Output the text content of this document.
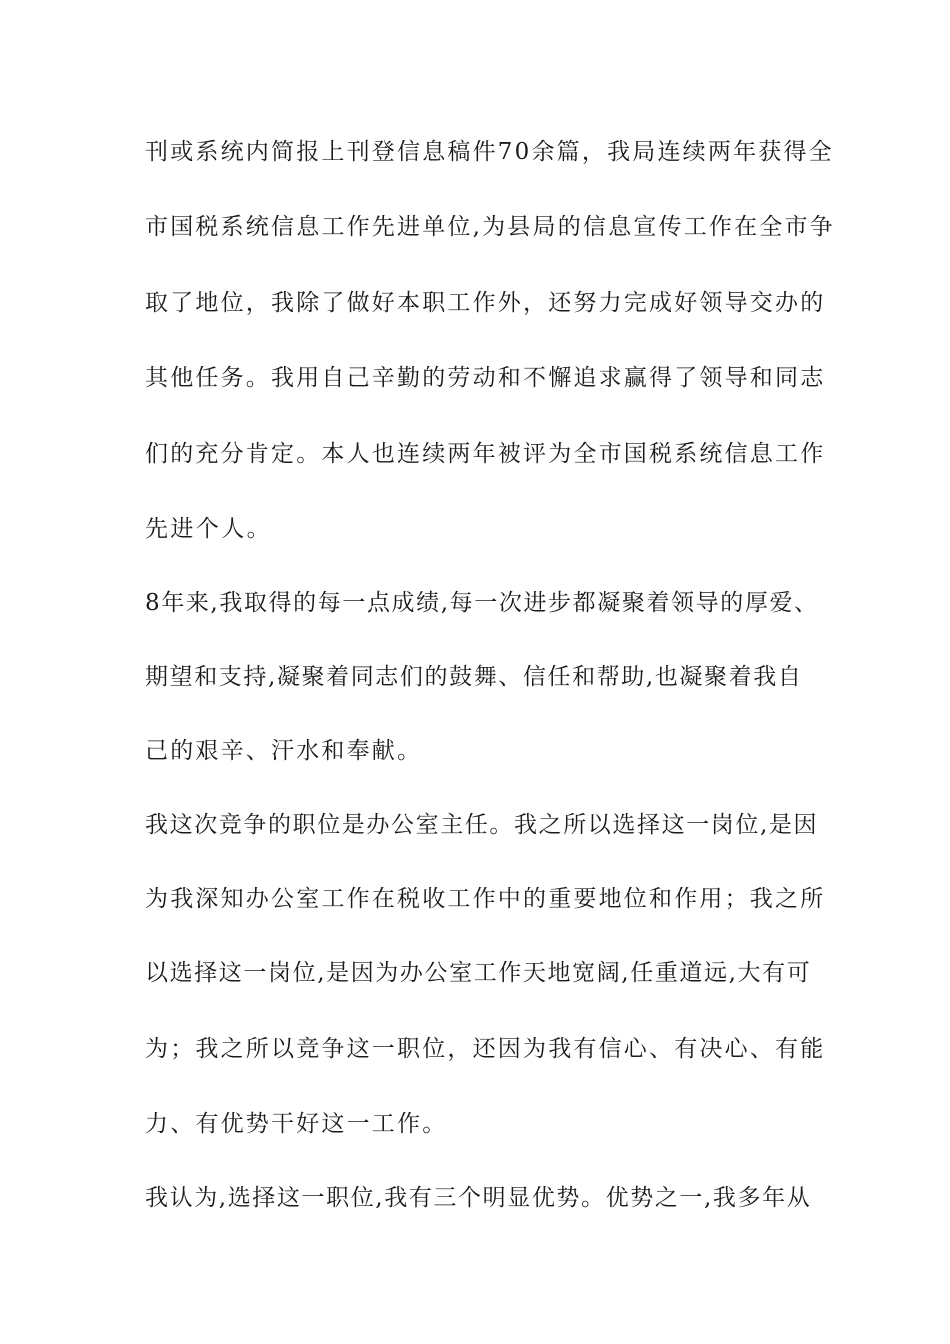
刊或系统内简报上刊登信息稿件70余篇，我局连续两年获得全
市国税系统信息工作先进单位,为县局的信息宣传工作在全市争
取了地位，我除了做好本职工作外，还努力完成好领导交办的
其他任务。我用自己辛勤的劳动和不懈追求赢得了领导和同志
们的充分肯定。本人也连续两年被评为全市国税系统信息工作
先进个人。
8年来,我取得的每一点成绩,每一次进步都凝聚着领导的厚爱、
期望和支持,凝聚着同志们的鼓舞、信任和帮助,也凝聚着我自
己的艰辛、汗水和奉献。
我这次竞争的职位是办公室主任。我之所以选择这一岗位,是因
为我深知办公室工作在税收工作中的重要地位和作用；我之所
以选择这一岗位,是因为办公室工作天地宽阔,任重道远,大有可
为；我之所以竞争这一职位，还因为我有信心、有决心、有能
力、有优势干好这一工作。
我认为,选择这一职位,我有三个明显优势。优势之一,我多年从
